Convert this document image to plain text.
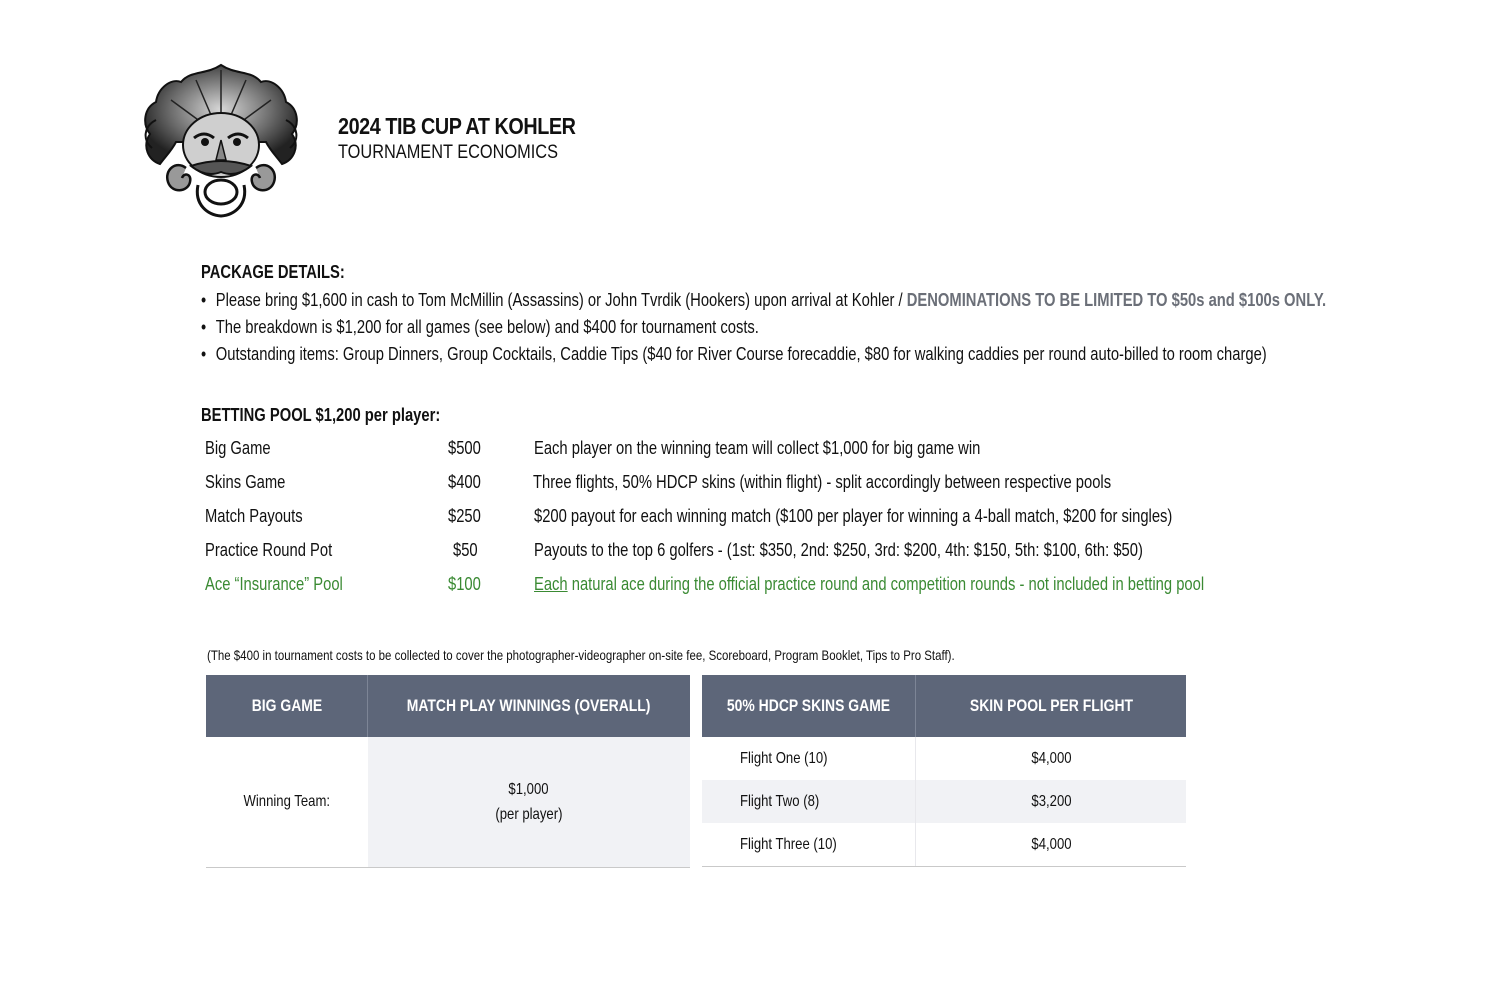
2024 TIB CUP AT KOHLER
TOURNAMENT ECONOMICS
PACKAGE DETAILS:
• Please bring $1,600 in cash to Tom McMillin (Assassins) or John Tvrdik (Hookers) upon arrival at Kohler / DENOMINATIONS TO BE LIMITED TO $50s and $100s ONLY.
• The breakdown is $1,200 for all games (see below) and $400 for tournament costs.
• Outstanding items: Group Dinners, Group Cocktails, Caddie Tips ($40 for River Course forecaddie, $80 for walking caddies per round auto-billed to room charge)
BETTING POOL $1,200 per player:
Big Game	$500	Each player on the winning team will collect $1,000 for big game win
Skins Game	$400	Three flights, 50% HDCP skins (within flight) - split accordingly between respective pools
Match Payouts	$250	$200 payout for each winning match ($100 per player for winning a 4-ball match, $200 for singles)
Practice Round Pot	$50	Payouts to the top 6 golfers - (1st: $350, 2nd: $250, 3rd: $200, 4th: $150, 5th: $100, 6th: $50)
Ace “Insurance” Pool	$100	Each natural ace during the official practice round and competition rounds - not included in betting pool
(The $400 in tournament costs to be collected to cover the photographer-videographer on-site fee, Scoreboard, Program Booklet, Tips to Pro Staff).
BIG GAME	MATCH PLAY WINNINGS (OVERALL)
Winning Team:	$1,000
(per player)
50% HDCP SKINS GAME	SKIN POOL PER FLIGHT
Flight One (10)	$4,000
Flight Two (8)	$3,200
Flight Three (10)	$4,000
